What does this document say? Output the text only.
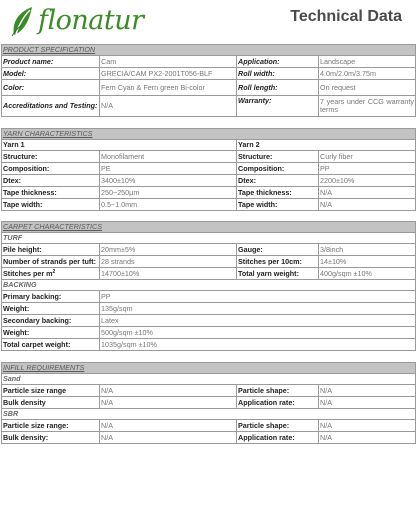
flonatur	Technical Data
PRODUCT SPECIFICATION			
Product name:	Cam	Application:	Landscape
Model:	GRECIA/CAM PX2-2001T056-BLF	Roll width:	4.0m/2.0m/3.75m
Color:	Fern Cyan & Fern green Bi-color	Roll length:	On request
Accreditations and Testing:	N/A	Warranty:	7 years under CCG warranty terms

YARN CHARACTERISTICS			
Yarn 1		Yarn 2	
Structure:	Monofilament	Structure:	Curly fiber
Composition:	PE	Composition:	PP
Dtex:	3400±10%	Dtex:	2200±10%
Tape thickness:	250~250μm	Tape thickness:	N/A
Tape width:	0.5~1.0mm	Tape width:	N/A

CARPET CHARACTERISTICS			
TURF			
Pile height:	20mm±5%	Gauge:	3/8inch
Number of strands per tuft:	28 strands	Stitches per 10cm:	14±10%
Stitches per $m^2$	14700±10%	Total yarn weight:	400g/sqm ±10%
BACKING			
Primary backing:	PP		
Weight:	135g/sqm		
Secondary backing:	Latex		
Weight:	500g/sqm ±10%		
Total carpet weight:	1035g/sqm ±10%		

INFILL REQUIREMENTS			
Sand			
Particle size range	N/A	Particle shape:	N/A
Bulk density	N/A	Application rate:	N/A
SBR			
Particle size range:	N/A	Particle shape:	N/A
Bulk density:	N/A	Application rate:	N/A
